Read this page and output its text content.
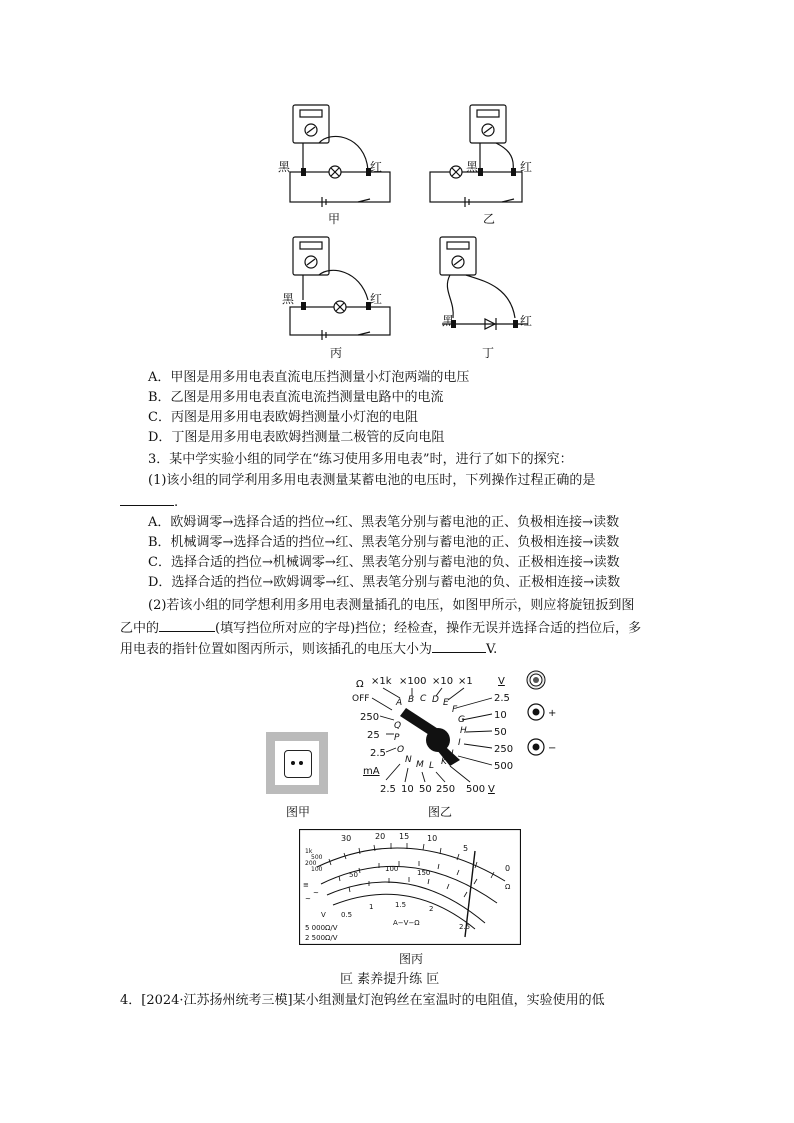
黑	红
甲
黑	红
乙
黑	红
丙
黑	红
丁
A．甲图是用多用电表直流电压挡测量小灯泡两端的电压
B．乙图是用多用电表直流电流挡测量电路中的电流
C．丙图是用多用电表欧姆挡测量小灯泡的电阻
D．丁图是用多用电表欧姆挡测量二极管的反向电阻
3．某中学实验小组的同学在“练习使用多用电表”时，进行了如下的探究：
(1)该小组的同学利用多用电表测量某蓄电池的电压时，下列操作过程正确的是
.
A．欧姆调零→选择合适的挡位→红、黑表笔分别与蓄电池的正、负极相连接→读数
B．机械调零→选择合适的挡位→红、黑表笔分别与蓄电池的正、负极相连接→读数
C．选择合适的挡位→机械调零→红、黑表笔分别与蓄电池的负、正极相连接→读数
D．选择合适的挡位→欧姆调零→红、黑表笔分别与蓄电池的负、正极相连接→读数
(2)若该小组的同学想利用多用电表测量插孔的电压，如图甲所示，则应将旋钮扳到图
乙中的	(填写挡位所对应的字母)挡位；经检查，操作无误并选择合适的挡位后，多
用电表的指针位置如图丙所示，则该插孔的电压大小为	V.
图甲
Ω ×1k ×100 ×10 ×1
OFF
250
25
2.5
mA
2.5 10 50 250 500 V
2.5
10
50
250
500
V
+
−
A B C D E
F
G
H
I
K
L
M
N
O
P
Q
图乙
30	20 15 10
5
0
1k
500
200
100
50
100	150
0.5
1	1.5	2
2.5
Ω
≡
V
A−V−Ω
5 000Ω/V
2 500Ω/V
~
~
图丙
叵 素养提升练 叵
4．[2024·江苏扬州统考三模]某小组测量灯泡钨丝在室温时的电阻值，实验使用的低
